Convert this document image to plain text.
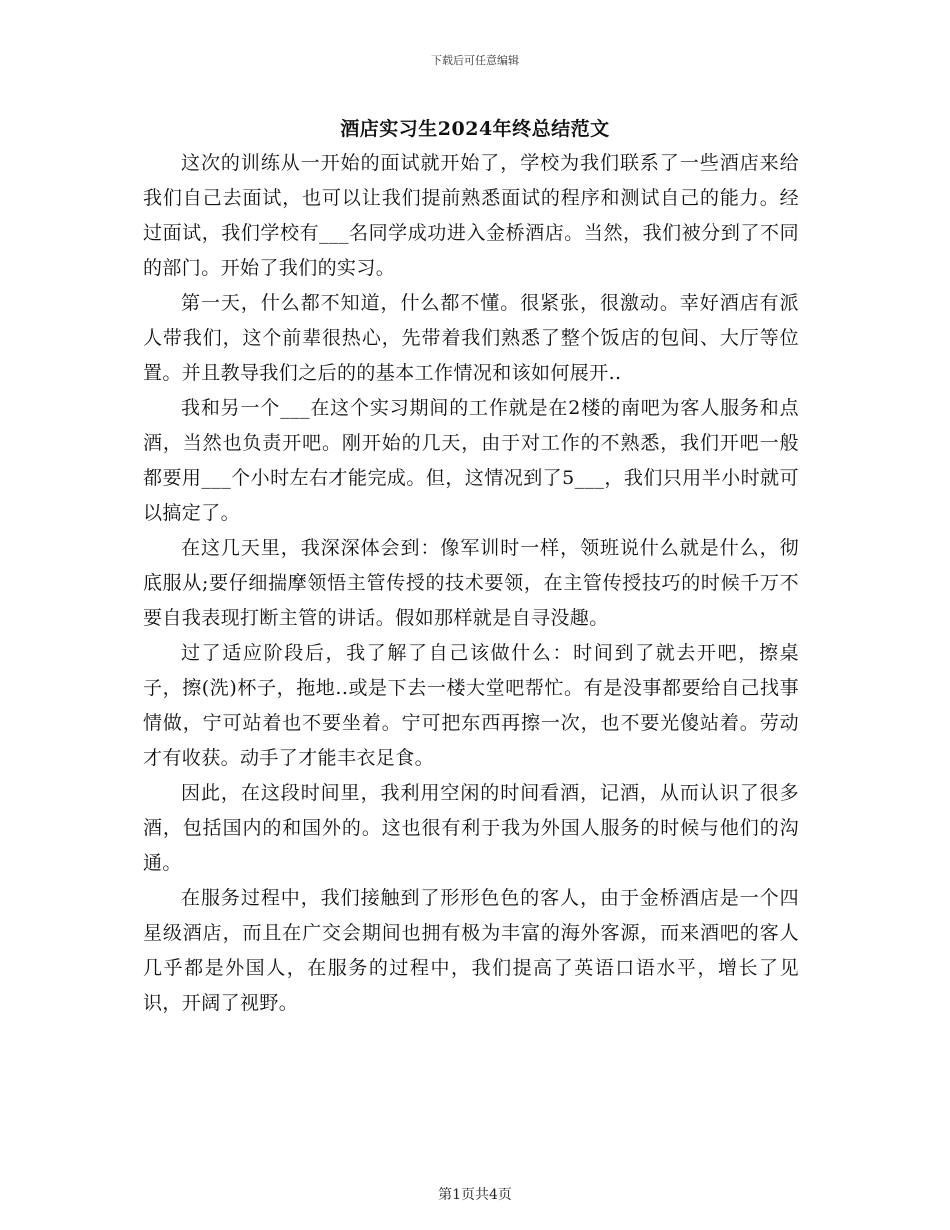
下载后可任意编辑
酒店实习生2024年终总结范文

这次的训练从一开始的面试就开始了，学校为我们联系了一些酒店来给我们自己去面试，也可以让我们提前熟悉面试的程序和测试自己的能力。经过面试，我们学校有___名同学成功进入金桥酒店。当然，我们被分到了不同的部门。开始了我们的实习。

第一天，什么都不知道，什么都不懂。很紧张，很激动。幸好酒店有派人带我们，这个前辈很热心，先带着我们熟悉了整个饭店的包间、大厅等位置。并且教导我们之后的的基本工作情况和该如何展开..

我和另一个___在这个实习期间的工作就是在2楼的南吧为客人服务和点酒，当然也负责开吧。刚开始的几天，由于对工作的不熟悉，我们开吧一般都要用___个小时左右才能完成。但，这情况到了5___，我们只用半小时就可以搞定了。

在这几天里，我深深体会到：像军训时一样，领班说什么就是什么，彻底服从;要仔细揣摩领悟主管传授的技术要领，在主管传授技巧的时候千万不要自我表现打断主管的讲话。假如那样就是自寻没趣。

过了适应阶段后，我了解了自己该做什么：时间到了就去开吧，擦桌子，擦(洗)杯子，拖地..或是下去一楼大堂吧帮忙。有是没事都要给自己找事情做，宁可站着也不要坐着。宁可把东西再擦一次，也不要光傻站着。劳动才有收获。动手了才能丰衣足食。

因此，在这段时间里，我利用空闲的时间看酒，记酒，从而认识了很多酒，包括国内的和国外的。这也很有利于我为外国人服务的时候与他们的沟通。

在服务过程中，我们接触到了形形色色的客人，由于金桥酒店是一个四星级酒店，而且在广交会期间也拥有极为丰富的海外客源，而来酒吧的客人几乎都是外国人，在服务的过程中，我们提高了英语口语水平，增长了见识，开阔了视野。

第1页共4页
